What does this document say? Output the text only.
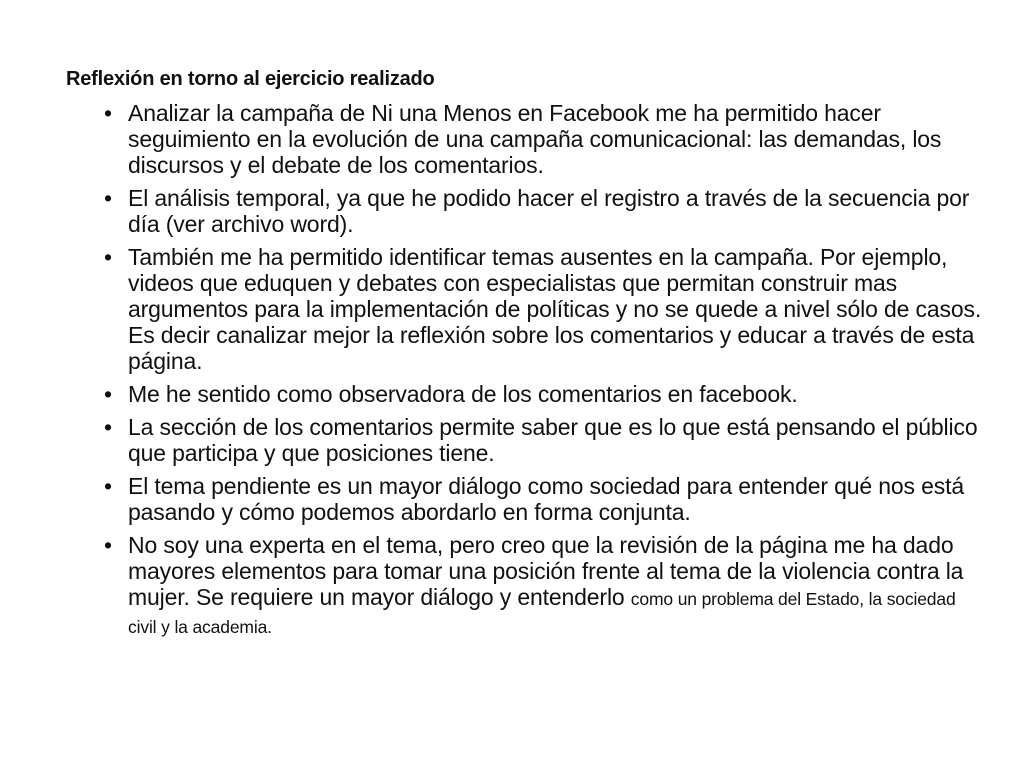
Reflexión en torno al ejercicio realizado
• Analizar la campaña de Ni una Menos en Facebook me ha permitido hacer seguimiento en la evolución de una campaña comunicacional: las demandas, los discursos y el debate de los comentarios.
• El análisis temporal, ya que he podido hacer el registro a través de la secuencia por día (ver archivo word).
• También me ha permitido identificar temas ausentes en la campaña. Por ejemplo, videos que eduquen y debates con especialistas que permitan construir mas argumentos para la implementación de políticas y no se quede a nivel sólo de casos. Es decir canalizar mejor la reflexión sobre los comentarios y educar a través de esta página.
• Me he sentido como observadora de los comentarios en facebook.
• La sección de los comentarios permite saber que es lo que está pensando el público que participa y que posiciones tiene.
• El tema pendiente es un mayor diálogo como sociedad para entender qué nos está pasando y cómo podemos abordarlo en forma conjunta.
• No soy una experta en el tema, pero creo que la revisión de la página me ha dado mayores elementos para tomar una posición frente al tema de la violencia contra la mujer. Se requiere un mayor diálogo y entenderlo como un problema del Estado, la sociedad civil y la academia.
